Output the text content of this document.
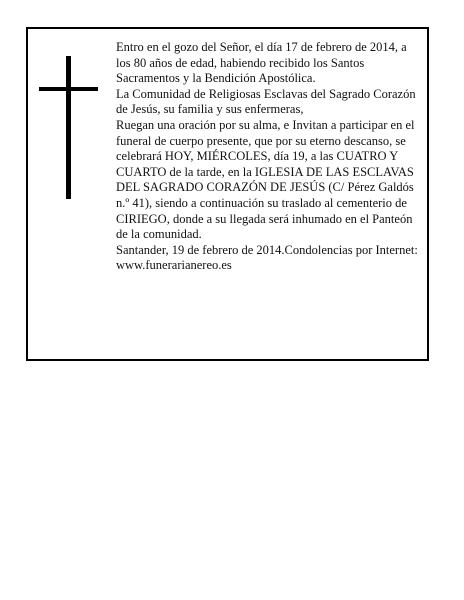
Entro en el gozo del Señor, el día 17 de febrero de 2014, a los 80 años de edad, habiendo recibido los Santos Sacramentos y la Bendición Apostólica.

La Comunidad de Religiosas Esclavas del Sagrado Corazón de Jesús, su familia y sus enfermeras,

Ruegan una oración por su alma, e Invitan a participar en el funeral de cuerpo presente, que por su eterno descanso, se celebrará HOY, MIÉRCOLES, día 19, a las CUATRO Y CUARTO de la tarde, en la IGLESIA DE LAS ESCLAVAS DEL SAGRADO CORAZÓN DE JESÚS (C/ Pérez Galdós n.º 41), siendo a continuación su traslado al cementerio de CIRIEGO, donde a su llegada será inhumado en el Panteón de la comunidad.

Santander, 19 de febrero de 2014.Condolencias por Internet: www.funerarianereo.es
